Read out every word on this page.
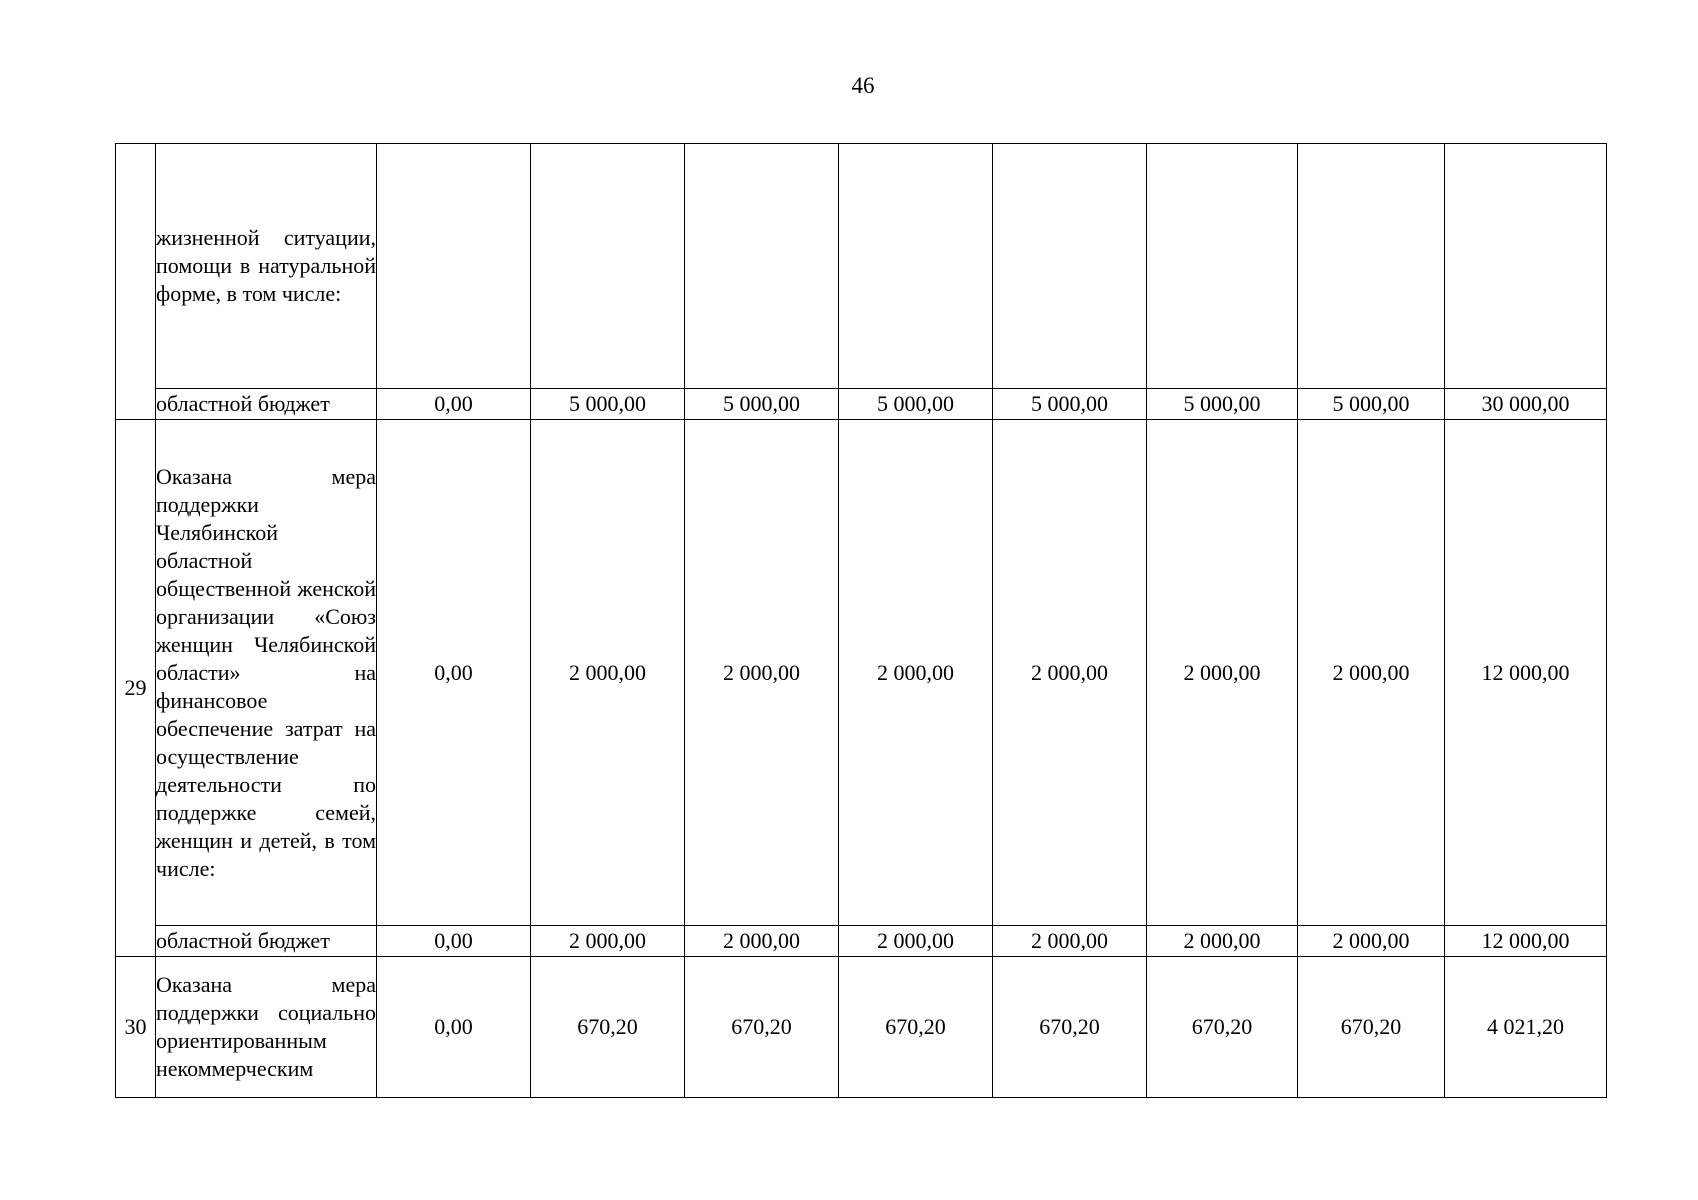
46

	жизненной ситуации, помощи в натуральной форме, в том числе:								

	областной бюджет	0,00	5 000,00	5 000,00	5 000,00	5 000,00	5 000,00	5 000,00	30 000,00
29	Оказана мера поддержки Челябинской областной общественной женской организации «Союз женщин Челябинской области» на финансовое обеспечение затрат на осуществление деятельности по поддержке семей, женщин и детей, в том числе:	0,00	2 000,00	2 000,00	2 000,00	2 000,00	2 000,00	2 000,00	12 000,00
	областной бюджет	0,00	2 000,00	2 000,00	2 000,00	2 000,00	2 000,00	2 000,00	12 000,00
30	Оказана мера поддержки социально ориентированным некоммерческим	0,00	670,20	670,20	670,20	670,20	670,20	670,20	4 021,20
